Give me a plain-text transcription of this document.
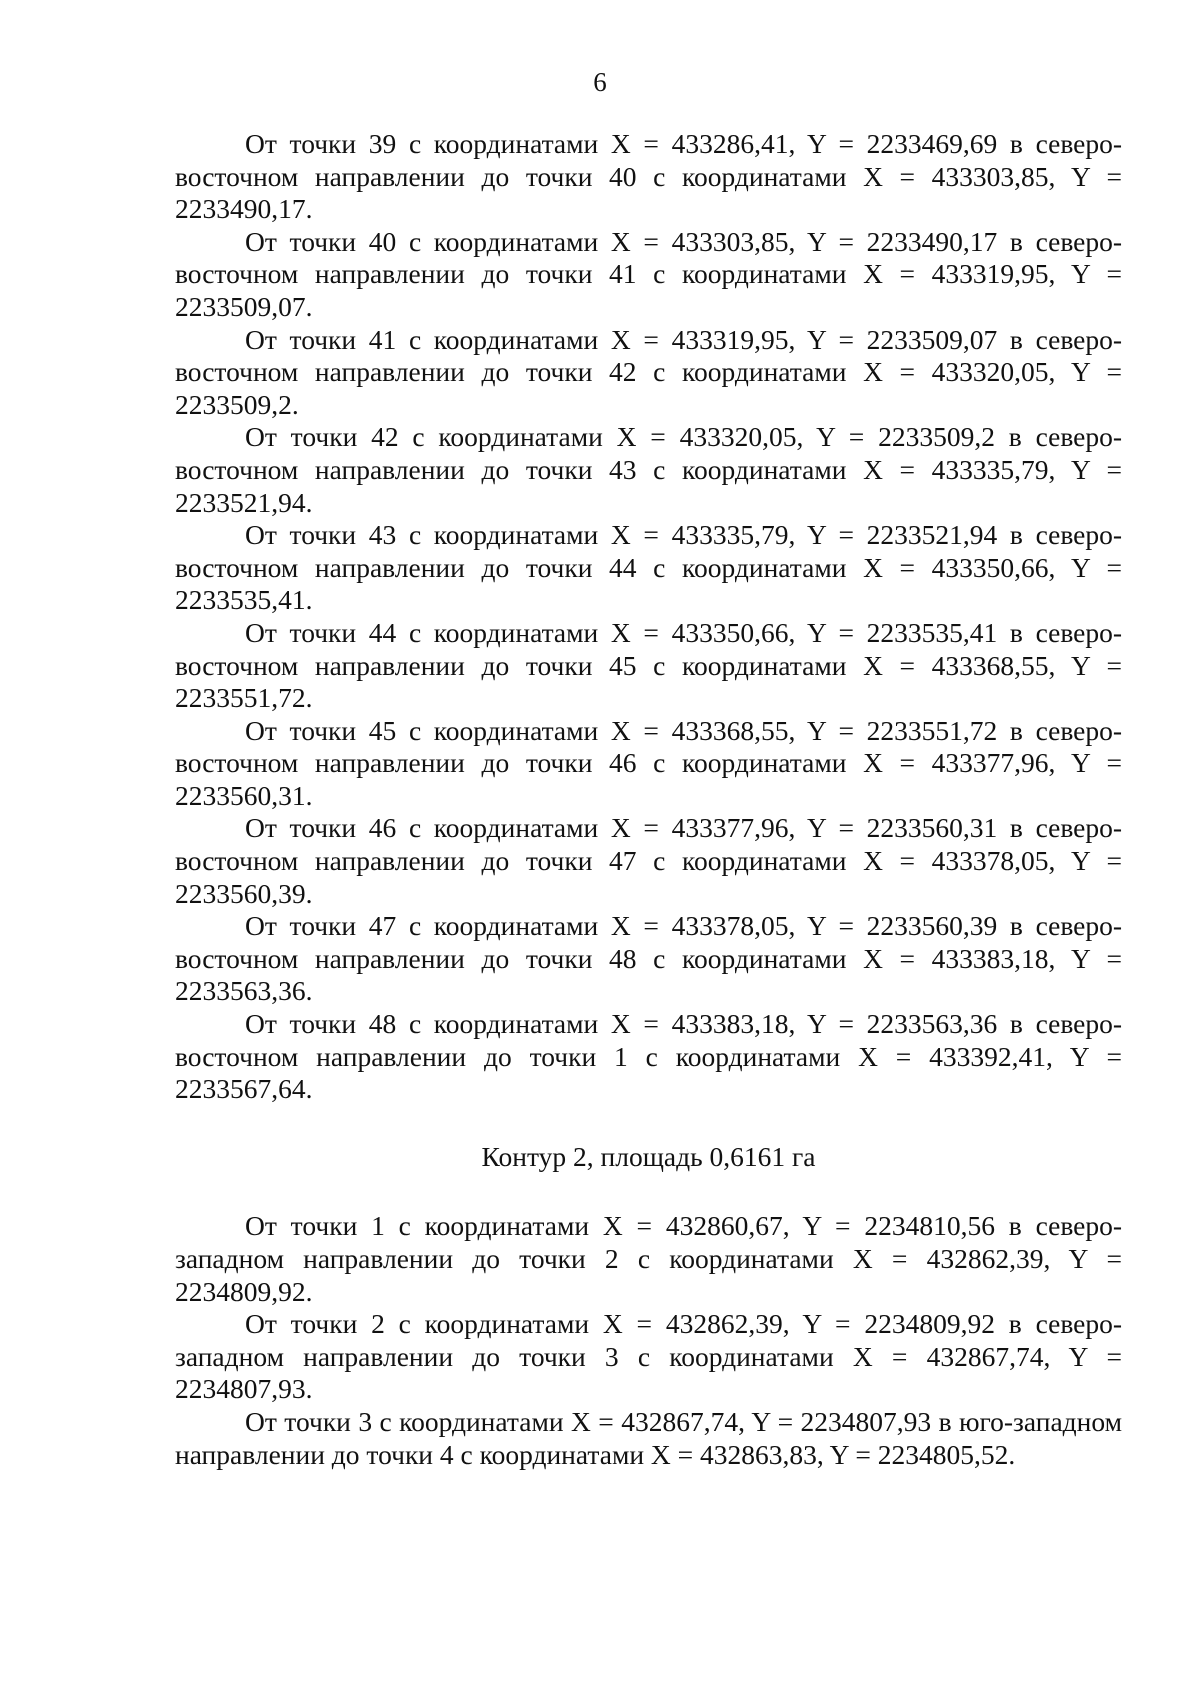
6

От точки 39 с координатами X = 433286,41, Y = 2233469,69 в северо-восточном направлении до точки 40 с координатами X = 433303,85, Y = 2233490,17.

От точки 40 с координатами X = 433303,85, Y = 2233490,17 в северо-восточном направлении до точки 41 с координатами X = 433319,95, Y = 2233509,07.

От точки 41 с координатами X = 433319,95, Y = 2233509,07 в северо-восточном направлении до точки 42 с координатами X = 433320,05, Y = 2233509,2.

От точки 42 с координатами X = 433320,05, Y = 2233509,2 в северо-восточном направлении до точки 43 с координатами X = 433335,79, Y = 2233521,94.

От точки 43 с координатами X = 433335,79, Y = 2233521,94 в северо-восточном направлении до точки 44 с координатами X = 433350,66, Y = 2233535,41.

От точки 44 с координатами X = 433350,66, Y = 2233535,41 в северо-восточном направлении до точки 45 с координатами X = 433368,55, Y = 2233551,72.

От точки 45 с координатами X = 433368,55, Y = 2233551,72 в северо-восточном направлении до точки 46 с координатами X = 433377,96, Y = 2233560,31.

От точки 46 с координатами X = 433377,96, Y = 2233560,31 в северо-восточном направлении до точки 47 с координатами X = 433378,05, Y = 2233560,39.

От точки 47 с координатами X = 433378,05, Y = 2233560,39 в северо-восточном направлении до точки 48 с координатами X = 433383,18, Y = 2233563,36.

От точки 48 с координатами X = 433383,18, Y = 2233563,36 в северо-восточном направлении до точки 1 с координатами X = 433392,41, Y = 2233567,64.

Контур 2, площадь 0,6161 га

От точки 1 с координатами X = 432860,67, Y = 2234810,56 в северо-западном направлении до точки 2 с координатами X = 432862,39, Y = 2234809,92.

От точки 2 с координатами X = 432862,39, Y = 2234809,92 в северо-западном направлении до точки 3 с координатами X = 432867,74, Y = 2234807,93.

От точки 3 с координатами X = 432867,74, Y = 2234807,93 в юго-западном направлении до точки 4 с координатами X = 432863,83, Y = 2234805,52.
